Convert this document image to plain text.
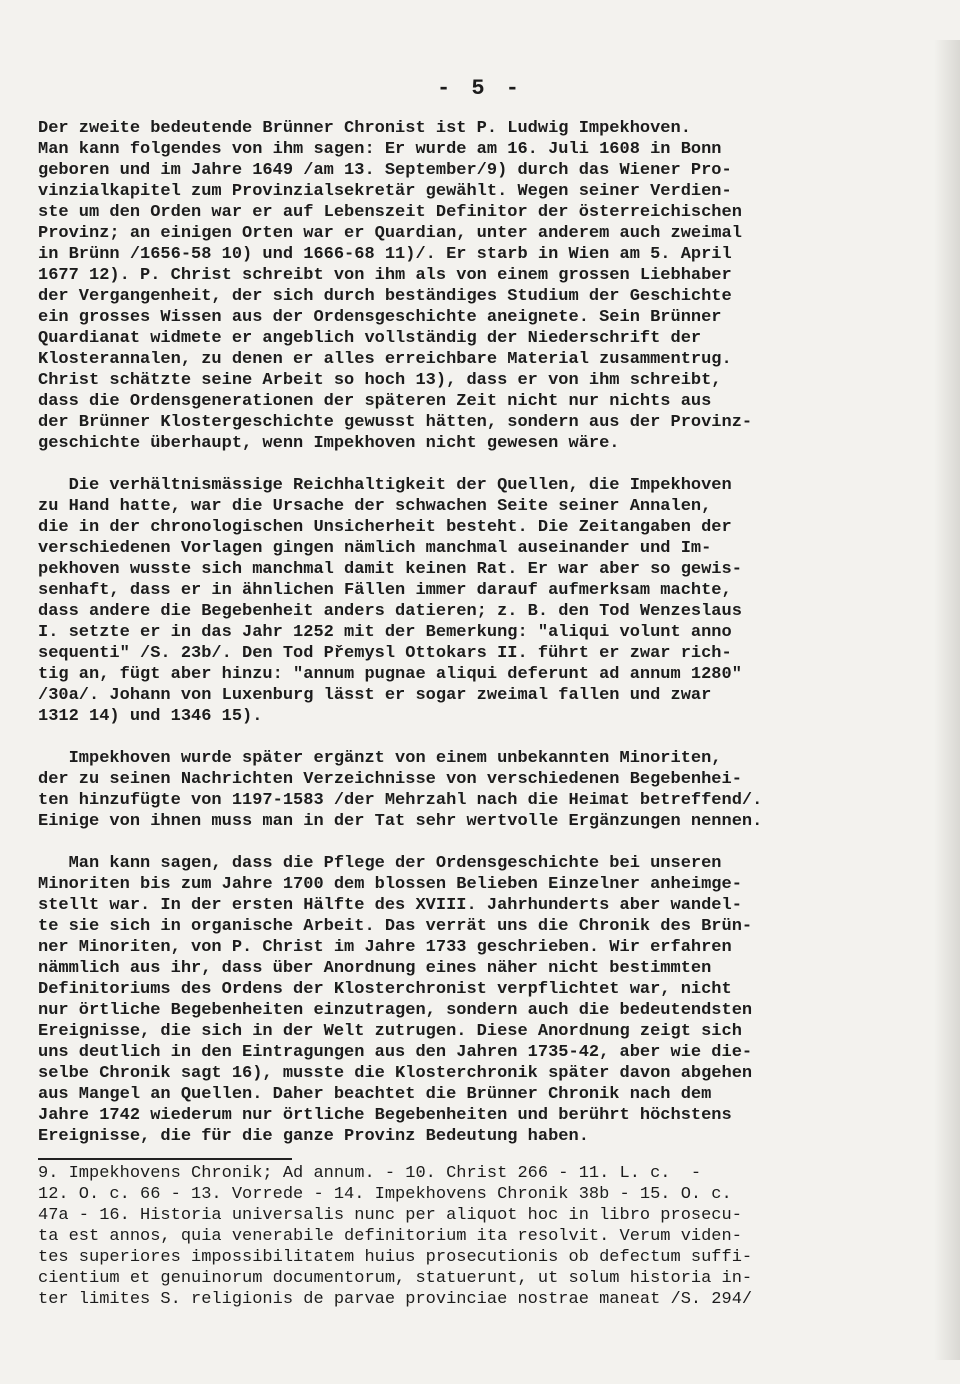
- 5 -
Der zweite bedeutende Brünner Chronist ist P. Ludwig Impekhoven.
Man kann folgendes von ihm sagen: Er wurde am 16. Juli 1608 in Bonn
geboren und im Jahre 1649 /am 13. September/9) durch das Wiener Pro-
vinzialkapitel zum Provinzialsekretär gewählt. Wegen seiner Verdien-
ste um den Orden war er auf Lebenszeit Definitor der österreichischen
Provinz; an einigen Orten war er Quardian, unter anderem auch zweimal
in Brünn /1656-58 10) und 1666-68 11)/. Er starb in Wien am 5. April
1677 12). P. Christ schreibt von ihm als von einem grossen Liebhaber
der Vergangenheit, der sich durch beständiges Studium der Geschichte
ein grosses Wissen aus der Ordensgeschichte aneignete. Sein Brünner
Quardianat widmete er angeblich vollständig der Niederschrift der
Klosterannalen, zu denen er alles erreichbare Material zusammentrug.
Christ schätzte seine Arbeit so hoch 13), dass er von ihm schreibt,
dass die Ordensgenerationen der späteren Zeit nicht nur nichts aus
der Brünner Klostergeschichte gewusst hätten, sondern aus der Provinz-
geschichte überhaupt, wenn Impekhoven nicht gewesen wäre.
Die verhältnismässige Reichhaltigkeit der Quellen, die Impekhoven
zu Hand hatte, war die Ursache der schwachen Seite seiner Annalen,
die in der chronologischen Unsicherheit besteht. Die Zeitangaben der
verschiedenen Vorlagen gingen nämlich manchmal auseinander und Im-
pekhoven wusste sich manchmal damit keinen Rat. Er war aber so gewis-
senhaft, dass er in ähnlichen Fällen immer darauf aufmerksam machte,
dass andere die Begebenheit anders datieren; z. B. den Tod Wenzeslaus
I. setzte er in das Jahr 1252 mit der Bemerkung: "aliqui volunt anno
sequenti" /S. 23b/. Den Tod Přemysl Ottokars II. führt er zwar rich-
tig an, fügt aber hinzu: "annum pugnae aliqui deferunt ad annum 1280"
/30a/. Johann von Luxenburg lässt er sogar zweimal fallen und zwar
1312 14) und 1346 15).
Impekhoven wurde später ergänzt von einem unbekannten Minoriten,
der zu seinen Nachrichten Verzeichnisse von verschiedenen Begebenhei-
ten hinzufügte von 1197-1583 /der Mehrzahl nach die Heimat betreffend/.
Einige von ihnen muss man in der Tat sehr wertvolle Ergänzungen nennen.
Man kann sagen, dass die Pflege der Ordensgeschichte bei unseren
Minoriten bis zum Jahre 1700 dem blossen Belieben Einzelner anheimge-
stellt war. In der ersten Hälfte des XVIII. Jahrhunderts aber wandel-
te sie sich in organische Arbeit. Das verrät uns die Chronik des Brün-
ner Minoriten, von P. Christ im Jahre 1733 geschrieben. Wir erfahren
nämmlich aus ihr, dass über Anordnung eines näher nicht bestimmten
Definitoriums des Ordens der Klosterchronist verpflichtet war, nicht
nur örtliche Begebenheiten einzutragen, sondern auch die bedeutendsten
Ereignisse, die sich in der Welt zutrugen. Diese Anordnung zeigt sich
uns deutlich in den Eintragungen aus den Jahren 1735-42, aber wie die-
selbe Chronik sagt 16), musste die Klosterchronik später davon abgehen
aus Mangel an Quellen. Daher beachtet die Brünner Chronik nach dem
Jahre 1742 wiederum nur örtliche Begebenheiten und berührt höchstens
Ereignisse, die für die ganze Provinz Bedeutung haben.
9. Impekhovens Chronik; Ad annum. - 10. Christ 266 - 11. L. c.  -
12. O. c. 66 - 13. Vorrede - 14. Impekhovens Chronik 38b - 15. O. c.
47a - 16. Historia universalis nunc per aliquot hoc in libro prosecu-
ta est annos, quia venerabile definitorium ita resolvit. Verum viden-
tes superiores impossibilitatem huius prosecutionis ob defectum suffi-
cientium et genuinorum documentorum, statuerunt, ut solum historia in-
ter limites S. religionis de parvae provinciae nostrae maneat /S. 294/
